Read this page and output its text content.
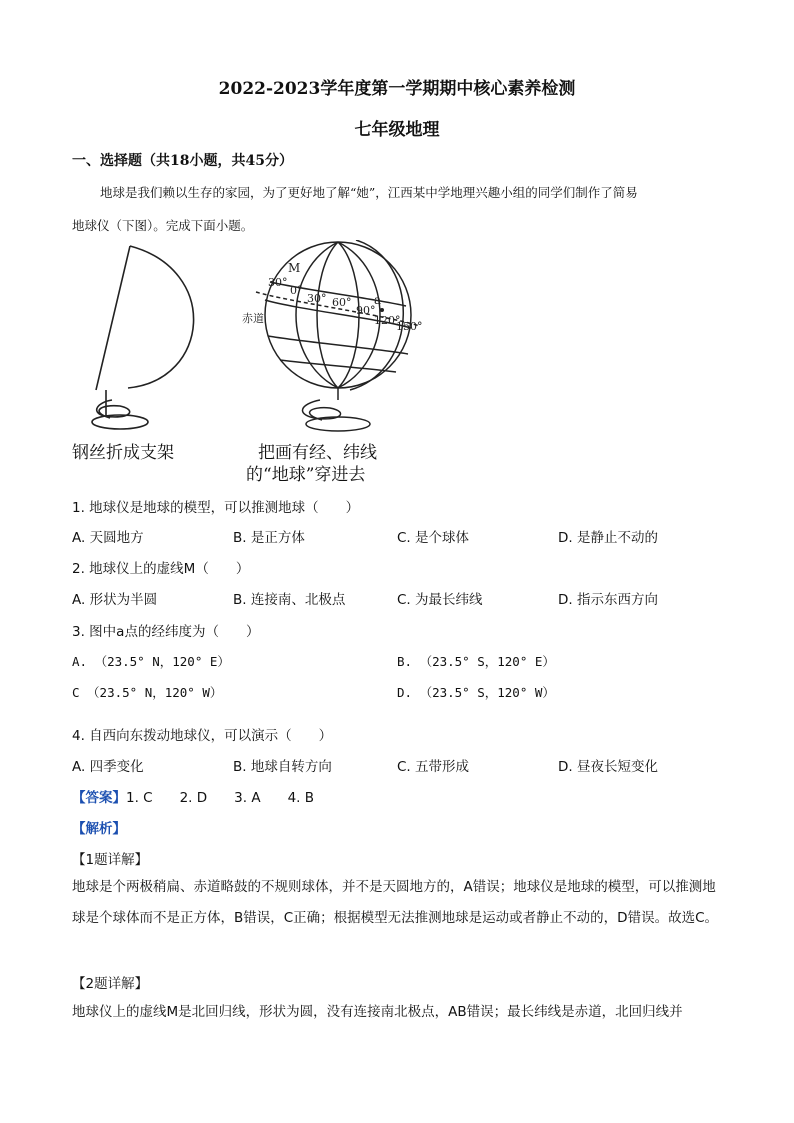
2022-2023学年度第一学期期中核心素养检测
七年级地理
一、选择题（共18小题，共45分）
地球是我们赖以生存的家园，为了更好地了解“她”，江西某中学地理兴趣小组的同学们制作了简易
地球仪（下图）。完成下面小题。
赤道
M
30°
0°
30° 60° a
90°
120°
150°
钢丝折成支架	把画有经、纬线
的“地球”穿进去
1. 地球仪是地球的模型，可以推测地球（　　）
A. 天圆地方	B. 是正方体	C. 是个球体	D. 是静止不动的
2. 地球仪上的虚线M（　　）
A. 形状为半圆	B. 连接南、北极点	C. 为最长纬线	D. 指示东西方向
3. 图中a点的经纬度为（　　）
A. （23.5° N，120° E）	B. （23.5° S，120° E）
C （23.5° N，120° W）	D. （23.5° S，120° W）
4. 自西向东拨动地球仪，可以演示（　　）
A. 四季变化	B. 地球自转方向	C. 五带形成	D. 昼夜长短变化
【答案】1. C　　2. D　　3. A　　4. B
【解析】
【1题详解】
地球是个两极稍扁、赤道略鼓的不规则球体，并不是天圆地方的，A错误；地球仪是地球的模型，可以推测地球是个球体而不是正方体，B错误，C正确；根据模型无法推测地球是运动或者静止不动的，D错误。故选C。
【2题详解】
地球仪上的虚线M是北回归线，形状为圆，没有连接南北极点，AB错误；最长纬线是赤道，北回归线并
